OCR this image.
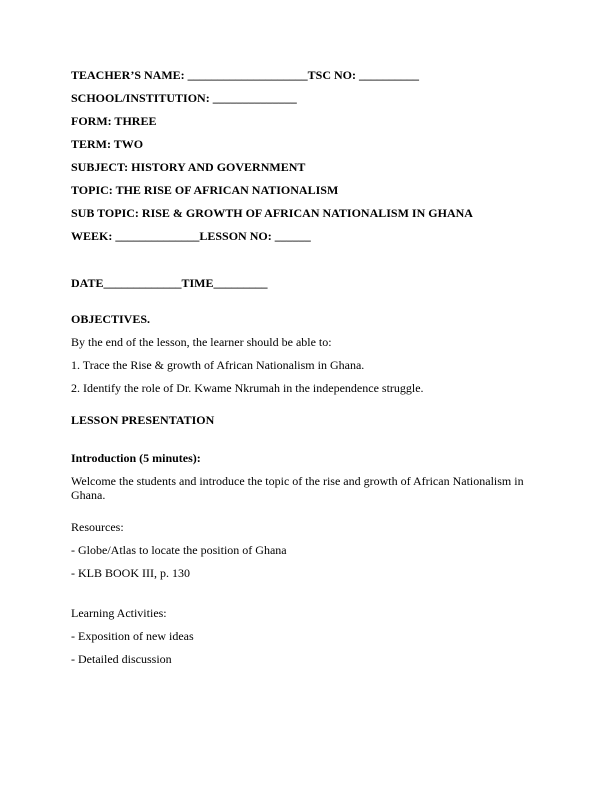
TEACHER’S NAME: ____________________TSC NO: __________

SCHOOL/INSTITUTION: ______________

FORM: THREE

TERM: TWO

SUBJECT: HISTORY AND GOVERNMENT

TOPIC: THE RISE OF AFRICAN NATIONALISM

SUB TOPIC: RISE & GROWTH OF AFRICAN NATIONALISM IN GHANA

WEEK: ______________LESSON NO: ______

DATE_____________TIME_________

OBJECTIVES.

By the end of the lesson, the learner should be able to:

1. Trace the Rise & growth of African Nationalism in Ghana.

2. Identify the role of Dr. Kwame Nkrumah in the independence struggle.

LESSON PRESENTATION

Introduction (5 minutes):

Welcome the students and introduce the topic of the rise and growth of African Nationalism in Ghana.

Resources:

- Globe/Atlas to locate the position of Ghana

- KLB BOOK III, p. 130

Learning Activities:

- Exposition of new ideas

- Detailed discussion
